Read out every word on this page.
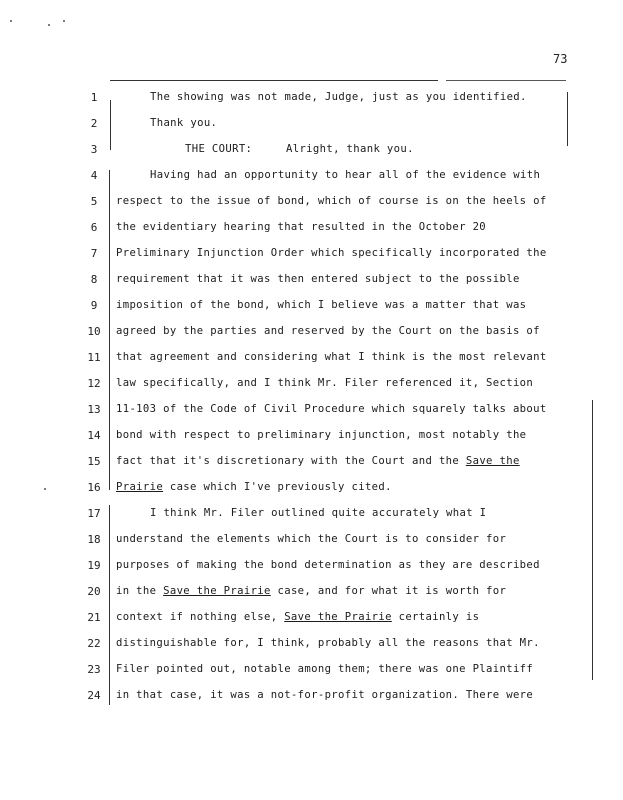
73
1	The showing was not made, Judge, just as you identified.
2	Thank you.
3	THE COURT:	Alright, thank you.
4	Having had an opportunity to hear all of the evidence with
5	respect to the issue of bond, which of course is on the heels of
6	the evidentiary hearing that resulted in the October 20
7	Preliminary Injunction Order which specifically incorporated the
8	requirement that it was then entered subject to the possible
9	imposition of the bond, which I believe was a matter that was
10	agreed by the parties and reserved by the Court on the basis of
11	that agreement and considering what I think is the most relevant
12	law specifically, and I think Mr. Filer referenced it, Section
13	11-103 of the Code of Civil Procedure which squarely talks about
14	bond with respect to preliminary injunction, most notably the
15	fact that it's discretionary with the Court and the Save the
16	Prairie case which I've previously cited.
17	I think Mr. Filer outlined quite accurately what I
18	understand the elements which the Court is to consider for
19	purposes of making the bond determination as they are described
20	in the Save the Prairie case, and for what it is worth for
21	context if nothing else, Save the Prairie certainly is
22	distinguishable for, I think, probably all the reasons that Mr.
23	Filer pointed out, notable among them; there was one Plaintiff
24	in that case, it was a not-for-profit organization. There were
